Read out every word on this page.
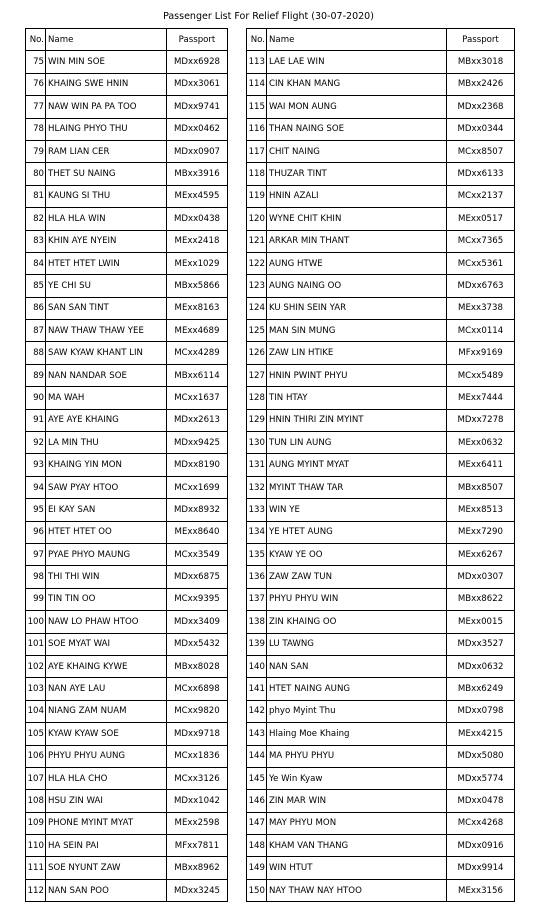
Passenger List For Relief Flight (30-07-2020)
No.	Name	Passport
75	WIN MIN SOE	MDxx6928
76	KHAING SWE HNIN	MDxx3061
77	NAW WIN PA PA TOO	MDxx9741
78	HLAING PHYO THU	MDxx0462
79	RAM LIAN CER	MDxx0907
80	THET SU NAING	MBxx3916
81	KAUNG SI THU	MExx4595
82	HLA HLA WIN	MDxx0438
83	KHIN AYE NYEIN	MExx2418
84	HTET HTET LWIN	MExx1029
85	YE CHI SU	MBxx5866
86	SAN SAN TINT	MExx8163
87	NAW THAW THAW YEE	MExx4689
88	SAW KYAW KHANT LIN	MCxx4289
89	NAN NANDAR SOE	MBxx6114
90	MA WAH	MCxx1637
91	AYE AYE KHAING	MDxx2613
92	LA MIN THU	MDxx9425
93	KHAING YIN MON	MDxx8190
94	SAW PYAY HTOO	MCxx1699
95	EI KAY SAN	MDxx8932
96	HTET HTET OO	MExx8640
97	PYAE PHYO MAUNG	MCxx3549
98	THI THI WIN	MDxx6875
99	TIN TIN OO	MCxx9395
100	NAW LO PHAW HTOO	MDxx3409
101	SOE MYAT WAI	MDxx5432
102	AYE KHAING KYWE	MBxx8028
103	NAN AYE LAU	MCxx6898
104	NIANG ZAM NUAM	MCxx9820
105	KYAW KYAW SOE	MDxx9718
106	PHYU PHYU AUNG	MCxx1836
107	HLA HLA CHO	MCxx3126
108	HSU ZIN WAI	MDxx1042
109	PHONE MYINT MYAT	MExx2598
110	HA SEIN PAI	MFxx7811
111	SOE NYUNT ZAW	MBxx8962
112	NAN SAN POO	MDxx3245
No.	Name	Passport
113	LAE LAE WIN	MBxx3018
114	CIN KHAN MANG	MBxx2426
115	WAI MON AUNG	MDxx2368
116	THAN NAING SOE	MDxx0344
117	CHIT NAING	MCxx8507
118	THUZAR TINT	MDxx6133
119	HNIN AZALI	MCxx2137
120	WYNE CHIT KHIN	MExx0517
121	ARKAR MIN THANT	MCxx7365
122	AUNG HTWE	MCxx5361
123	AUNG NAING OO	MDxx6763
124	KU SHIN SEIN YAR	MExx3738
125	MAN SIN MUNG	MCxx0114
126	ZAW LIN HTIKE	MFxx9169
127	HNIN PWINT PHYU	MCxx5489
128	TIN HTAY	MExx7444
129	HNIN THIRI ZIN MYINT	MDxx7278
130	TUN LIN AUNG	MExx0632
131	AUNG MYINT MYAT	MExx6411
132	MYINT THAW TAR	MBxx8507
133	WIN YE	MExx8513
134	YE HTET AUNG	MExx7290
135	KYAW YE OO	MExx6267
136	ZAW ZAW TUN	MDxx0307
137	PHYU PHYU WIN	MBxx8622
138	ZIN KHAING OO	MExx0015
139	LU TAWNG	MDxx3527
140	NAN SAN	MDxx0632
141	HTET NAING AUNG	MBxx6249
142	phyo Myint Thu	MDxx0798
143	Hlaing Moe Khaing	MExx4215
144	MA PHYU PHYU	MDxx5080
145	Ye Win Kyaw	MDxx5774
146	ZIN MAR WIN	MDxx0478
147	MAY PHYU MON	MCxx4268
148	KHAM VAN THANG	MDxx0916
149	WIN HTUT	MDxx9914
150	NAY THAW NAY HTOO	MExx3156
